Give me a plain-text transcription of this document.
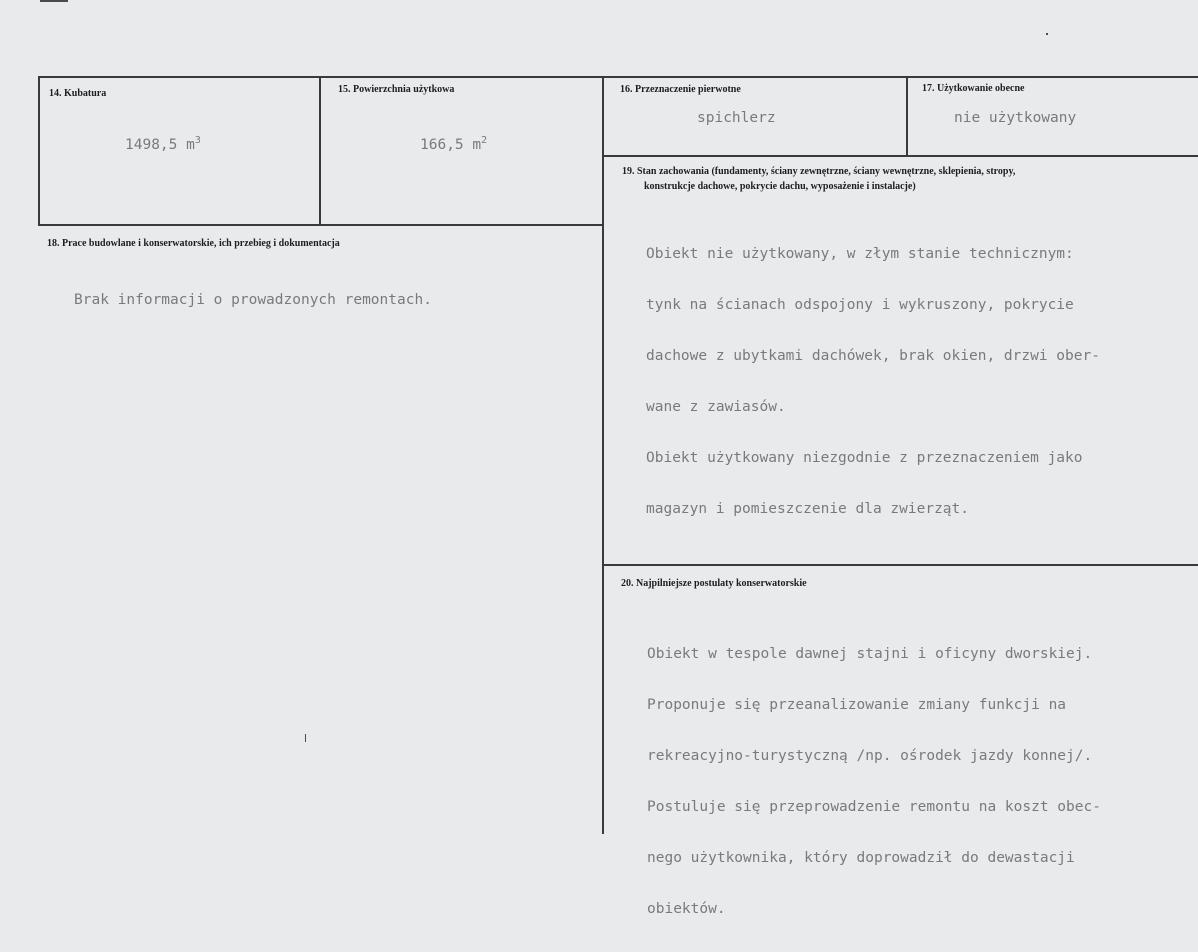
14. Kubatura
1498,5 $m^3$
15. Powierzchnia użytkowa
166,5 $m^2$
16. Przeznaczenie pierwotne
spichlerz
17. Użytkowanie obecne
nie użytkowany
18. Prace budowlane i konserwatorskie, ich przebieg i dokumentacja
Brak informacji o prowadzonych remontach.
19. Stan zachowania (fundamenty, ściany zewnętrzne, ściany wewnętrzne, sklepienia, stropy,
konstrukcje dachowe, pokrycie dachu, wyposażenie i instalacje)

Obiekt nie użytkowany, w złym stanie technicznym:

tynk na ścianach odspojony i wykruszony, pokrycie

dachowe z ubytkami dachówek, brak okien, drzwi ober-

wane z zawiasów.

Obiekt użytkowany niezgodnie z przeznaczeniem jako

magazyn i pomieszczenie dla zwierząt.

20. Najpilniejsze postulaty konserwatorskie

Obiekt w tespole dawnej stajni i oficyny dworskiej.

Proponuje się przeanalizowanie zmiany funkcji na

rekreacyjno-turystyczną /np. ośrodek jazdy konnej/.

Postuluje się przeprowadzenie remontu na koszt obec-

nego użytkownika, który doprowadził do dewastacji

obiektów.
